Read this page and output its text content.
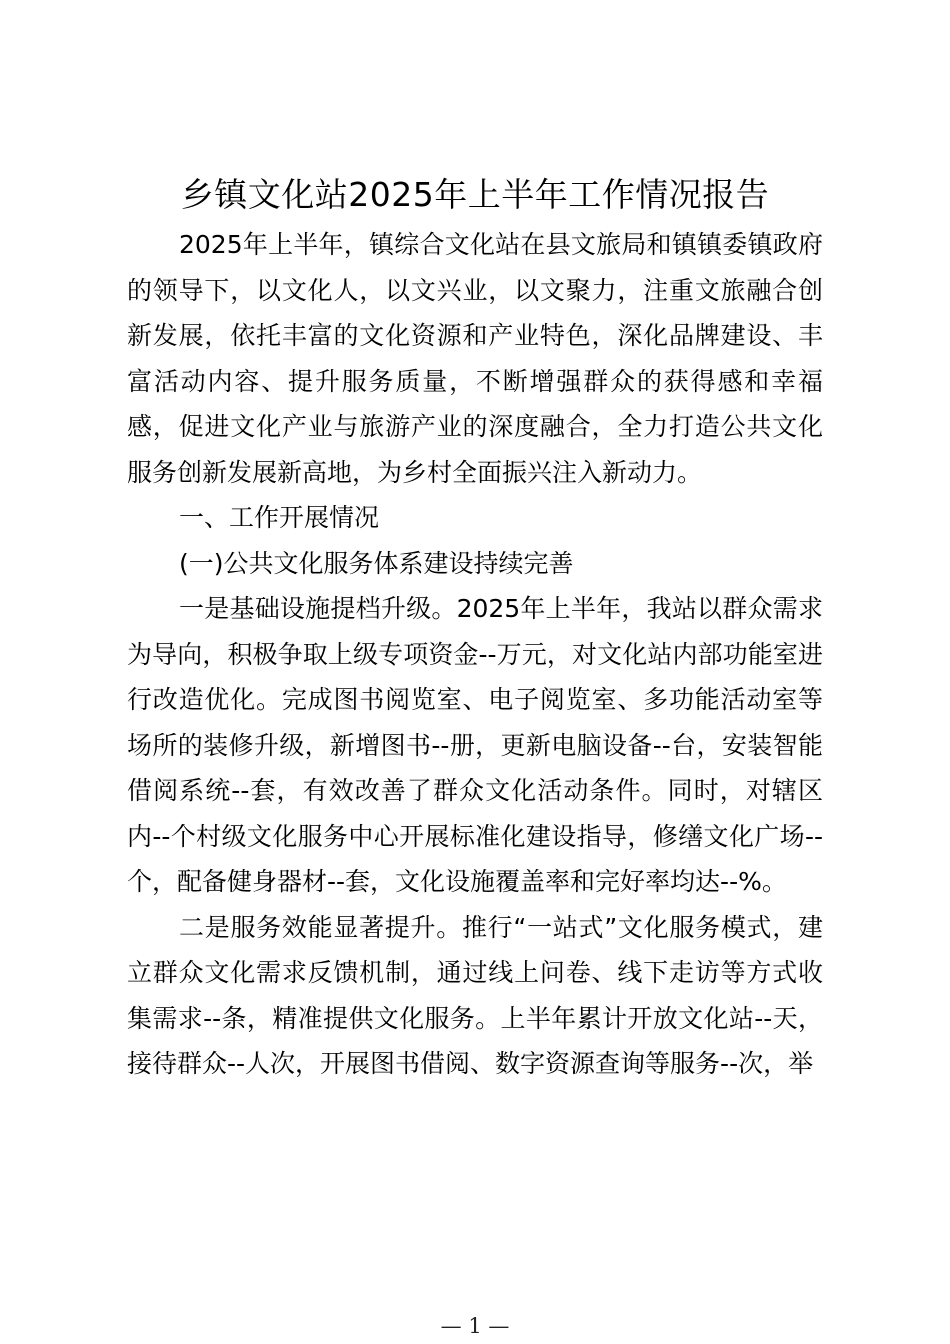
乡镇文化站2025年上半年工作情况报告

2025年上半年，镇综合文化站在县文旅局和镇镇委镇政府的领导下，以文化人，以文兴业，以文聚力，注重文旅融合创新发展，依托丰富的文化资源和产业特色，深化品牌建设、丰富活动内容、提升服务质量，不断增强群众的获得感和幸福感，促进文化产业与旅游产业的深度融合，全力打造公共文化服务创新发展新高地，为乡村全面振兴注入新动力。

一、工作开展情况

(一)公共文化服务体系建设持续完善

一是基础设施提档升级。2025年上半年，我站以群众需求为导向，积极争取上级专项资金--万元，对文化站内部功能室进行改造优化。完成图书阅览室、电子阅览室、多功能活动室等场所的装修升级，新增图书--册，更新电脑设备--台，安装智能借阅系统--套，有效改善了群众文化活动条件。同时，对辖区内--个村级文化服务中心开展标准化建设指导，修缮文化广场--个，配备健身器材--套，文化设施覆盖率和完好率均达--%。

二是服务效能显著提升。推行“一站式”文化服务模式，建立群众文化需求反馈机制，通过线上问卷、线下走访等方式收集需求--条，精准提供文化服务。上半年累计开放文化站--天，接待群众--人次，开展图书借阅、数字资源查询等服务--次，举

— 1 —
